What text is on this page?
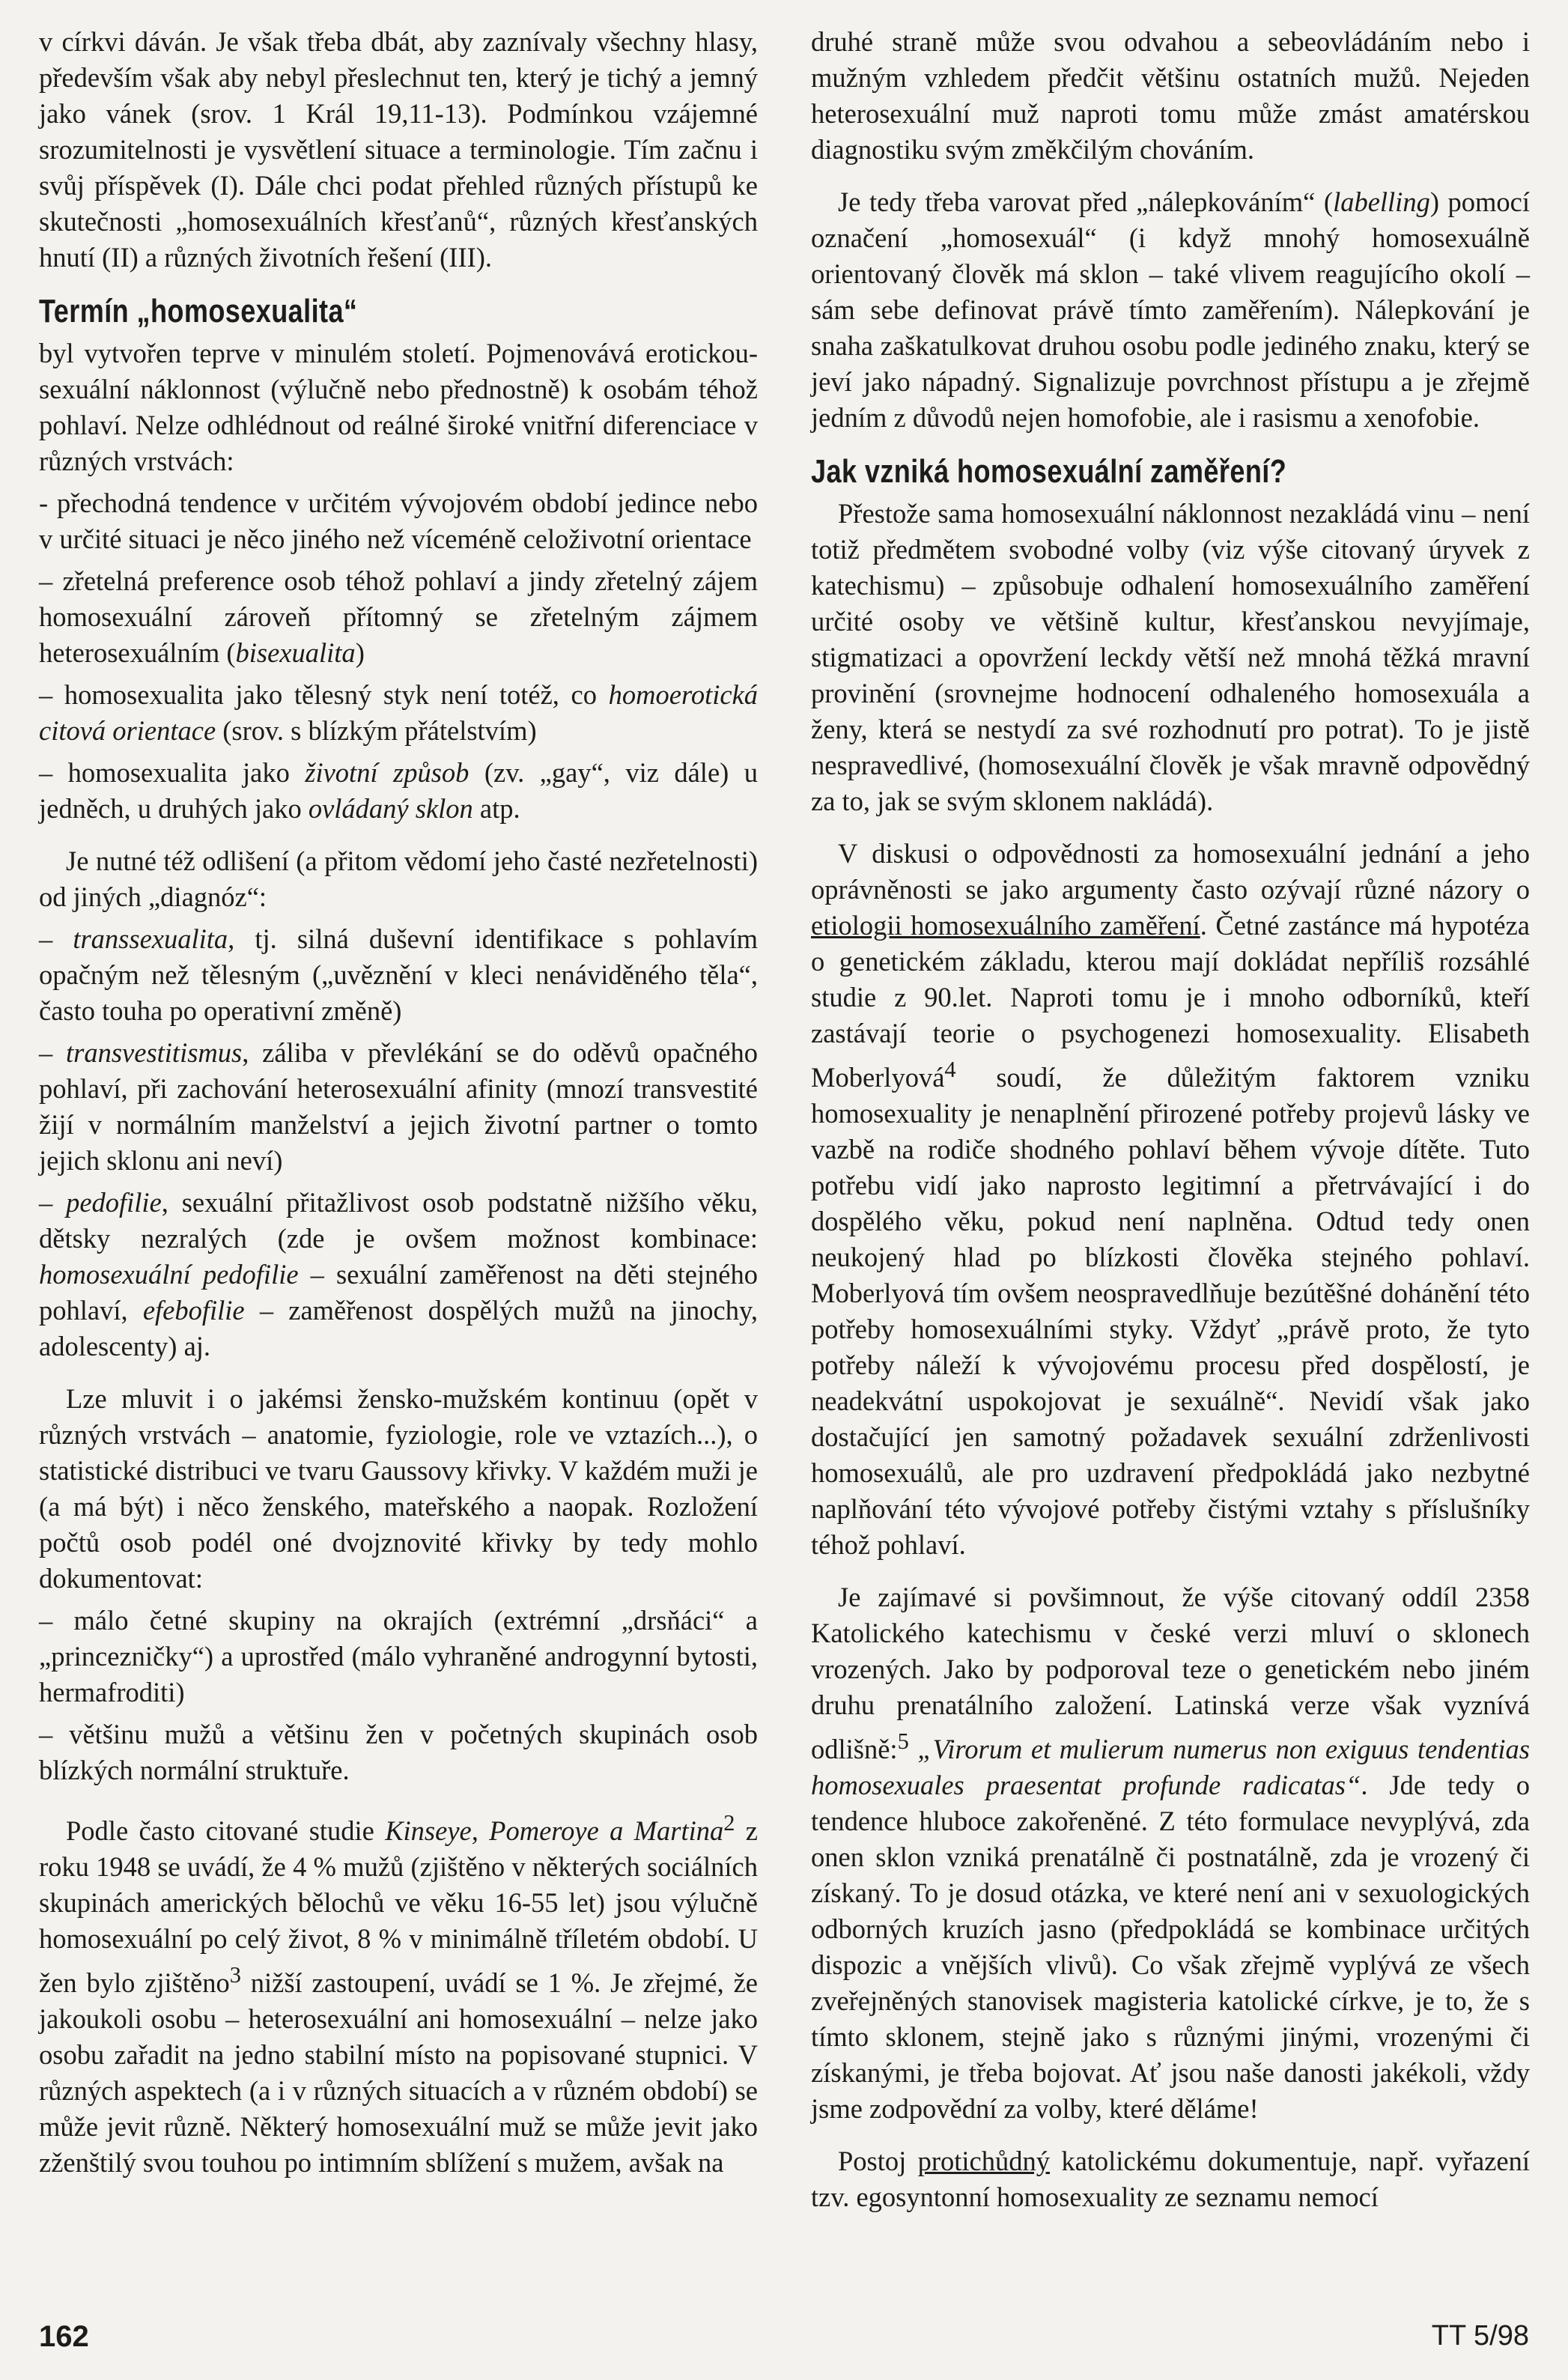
v církvi dáván. Je však třeba dbát, aby zaznívaly všechny hlasy, především však aby nebyl přeslechnut ten, který je tichý a jemný jako vánek (srov. 1 Král 19,11-13). Podmínkou vzájemné srozumitelnosti je vysvětlení situace a terminologie. Tím začnu i svůj příspěvek (I). Dále chci podat přehled různých přístupů ke skutečnosti „homosexuálních křesťanů“, různých křesťanských hnutí (II) a různých životních řešení (III).

Termín „homosexualita“

byl vytvořen teprve v minulém století. Pojmenovává erotickou-sexuální náklonnost (výlučně nebo přednostně) k osobám téhož pohlaví. Nelze odhlédnout od reálné široké vnitřní diferenciace v různých vrstvách:

- přechodná tendence v určitém vývojovém období jedince nebo v určité situaci je něco jiného než víceméně celoživotní orientace

– zřetelná preference osob téhož pohlaví a jindy zřetelný zájem homosexuální zároveň přítomný se zřetelným zájmem heterosexuálním (bisexualita)

– homosexualita jako tělesný styk není totéž, co homoerotická citová orientace (srov. s blízkým přátelstvím)

– homosexualita jako životní způsob (zv. „gay“, viz dále) u jedněch, u druhých jako ovládaný sklon atp.

Je nutné též odlišení (a přitom vědomí jeho časté nezřetelnosti) od jiných „diagnóz“:

– transsexualita, tj. silná duševní identifikace s pohlavím opačným než tělesným („uvěznění v kleci nenáviděného těla“, často touha po operativní změně)

– transvestitismus, záliba v převlékání se do oděvů opačného pohlaví, při zachování heterosexuální afinity (mnozí transvestité žijí v normálním manželství a jejich životní partner o tomto jejich sklonu ani neví)

– pedofilie, sexuální přitažlivost osob podstatně nižšího věku, dětsky nezralých (zde je ovšem možnost kombinace: homosexuální pedofilie – sexuální zaměřenost na děti stejného pohlaví, efebofilie – zaměřenost dospělých mužů na jinochy, adolescenty) aj.

Lze mluvit i o jakémsi žensko-mužském kontinuu (opět v různých vrstvách – anatomie, fyziologie, role ve vztazích...), o statistické distribuci ve tvaru Gaussovy křivky. V každém muži je (a má být) i něco ženského, mateřského a naopak. Rozložení počtů osob podél oné dvojznovité křivky by tedy mohlo dokumentovat:

– málo četné skupiny na okrajích (extrémní „drsňáci“ a „princezničky“) a uprostřed (málo vyhraněné androgynní bytosti, hermafroditi)

– většinu mužů a většinu žen v početných skupinách osob blízkých normální struktuře.

Podle často citované studie Kinseye, Pomeroye a Martina$^2$ z roku 1948 se uvádí, že 4 % mužů (zjištěno v některých sociálních skupinách amerických bělochů ve věku 16-55 let) jsou výlučně homosexuální po celý život, 8 % v minimálně tříletém období. U žen bylo zjištěno$^3$ nižší zastoupení, uvádí se 1 %. Je zřejmé, že jakoukoli osobu – heterosexuální ani homosexuální – nelze jako osobu zařadit na jedno stabilní místo na popisované stupnici. V různých aspektech (a i v různých situacích a v různém období) se může jevit různě. Některý homosexuální muž se může jevit jako zženštilý svou touhou po intimním sblížení s mužem, avšak na

druhé straně může svou odvahou a sebeovládáním nebo i mužným vzhledem předčit většinu ostatních mužů. Nejeden heterosexuální muž naproti tomu může zmást amatérskou diagnostiku svým změkčilým chováním.

Je tedy třeba varovat před „nálepkováním“ (labelling) pomocí označení „homosexuál“ (i když mnohý homosexuálně orientovaný člověk má sklon – také vlivem reagujícího okolí – sám sebe definovat právě tímto zaměřením). Nálepkování je snaha zaškatulkovat druhou osobu podle jediného znaku, který se jeví jako nápadný. Signalizuje povrchnost přístupu a je zřejmě jedním z důvodů nejen homofobie, ale i rasismu a xenofobie.

Jak vzniká homosexuální zaměření?

Přestože sama homosexuální náklonnost nezakládá vinu – není totiž předmětem svobodné volby (viz výše citovaný úryvek z katechismu) – způsobuje odhalení homosexuálního zaměření určité osoby ve většině kultur, křesťanskou nevyjímaje, stigmatizaci a opovržení leckdy větší než mnohá těžká mravní provinění (srovnejme hodnocení odhaleného homosexuála a ženy, která se nestydí za své rozhodnutí pro potrat). To je jistě nespravedlivé, (homosexuální člověk je však mravně odpovědný za to, jak se svým sklonem nakládá).

V diskusi o odpovědnosti za homosexuální jednání a jeho oprávněnosti se jako argumenty často ozývají různé názory o etiologii homosexuálního zaměření. Četné zastánce má hypotéza o genetickém základu, kterou mají dokládat nepříliš rozsáhlé studie z 90.let. Naproti tomu je i mnoho odborníků, kteří zastávají teorie o psychogenezi homosexuality. Elisabeth Moberlyová$^4$ soudí, že důležitým faktorem vzniku homosexuality je nenaplnění přirozené potřeby projevů lásky ve vazbě na rodiče shodného pohlaví během vývoje dítěte. Tuto potřebu vidí jako naprosto legitimní a přetrvávající i do dospělého věku, pokud není naplněna. Odtud tedy onen neukojený hlad po blízkosti člověka stejného pohlaví. Moberlyová tím ovšem neospravedlňuje bezútěšné dohánění této potřeby homosexuálními styky. Vždyť „právě proto, že tyto potřeby náleží k vývojovému procesu před dospělostí, je neadekvátní uspokojovat je sexuálně“. Nevidí však jako dostačující jen samotný požadavek sexuální zdrženlivosti homosexuálů, ale pro uzdravení předpokládá jako nezbytné naplňování této vývojové potřeby čistými vztahy s příslušníky téhož pohlaví.

Je zajímavé si povšimnout, že výše citovaný oddíl 2358 Katolického katechismu v české verzi mluví o sklonech vrozených. Jako by podporoval teze o genetickém nebo jiném druhu prenatálního založení. Latinská verze však vyznívá odlišně:$^5$ „Virorum et mulierum numerus non exiguus tendentias homosexuales praesentat profunde radicatas“. Jde tedy o tendence hluboce zakořeněné. Z této formulace nevyplývá, zda onen sklon vzniká prenatálně či postnatálně, zda je vrozený či získaný. To je dosud otázka, ve které není ani v sexuologických odborných kruzích jasno (předpokládá se kombinace určitých dispozic a vnějších vlivů). Co však zřejmě vyplývá ze všech zveřejněných stanovisek magisteria katolické církve, je to, že s tímto sklonem, stejně jako s různými jinými, vrozenými či získanými, je třeba bojovat. Ať jsou naše danosti jakékoli, vždy jsme zodpovědní za volby, které děláme!

Postoj protichůdný katolickému dokumentuje, např. vyřazení tzv. egosyntonní homosexuality ze seznamu nemocí

162	TT 5/98
